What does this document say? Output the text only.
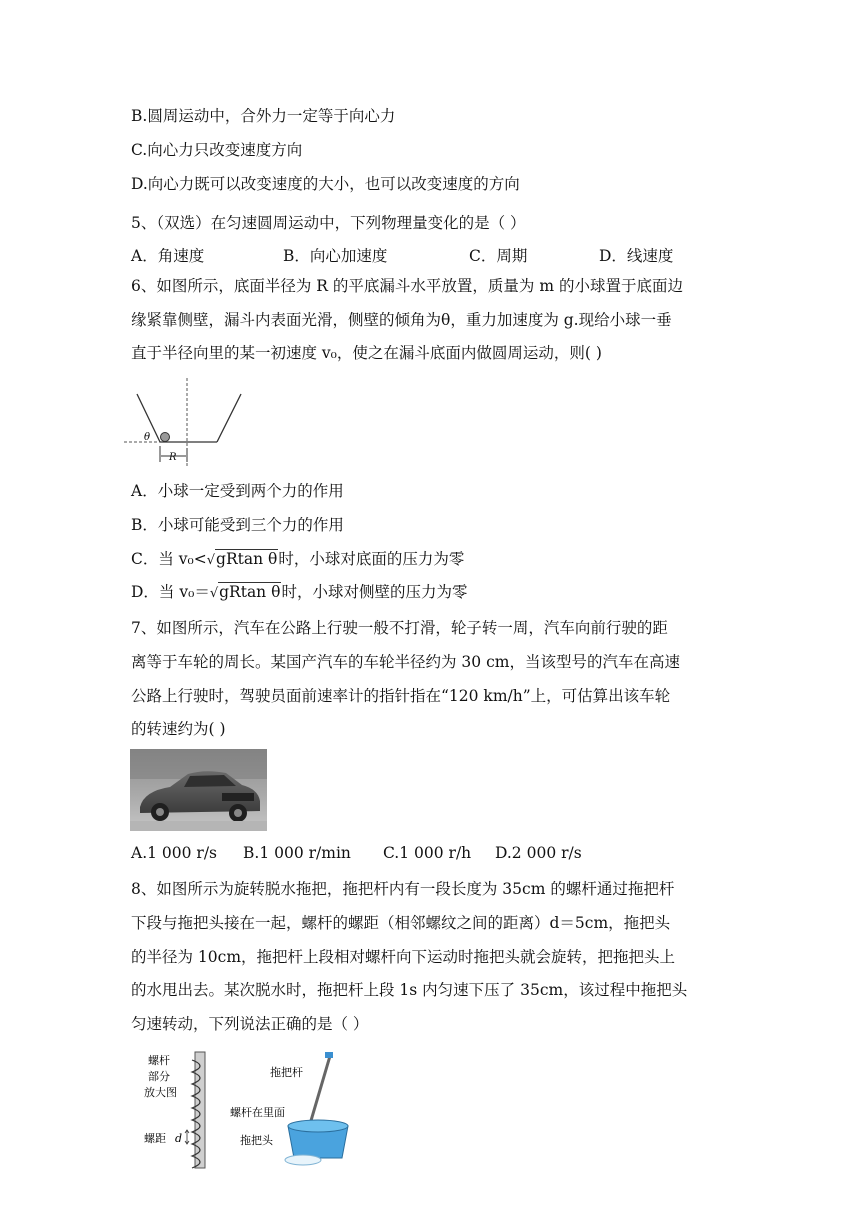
B.圆周运动中，合外力一定等于向心力
C.向心力只改变速度方向
D.向心力既可以改变速度的大小，也可以改变速度的方向
5、（双选）在匀速圆周运动中，下列物理量变化的是（ ）
A．角速度	B．向心加速度	C．周期	D．线速度
6、如图所示，底面半径为 R 的平底漏斗水平放置，质量为 m 的小球置于底面边
缘紧靠侧壁，漏斗内表面光滑，侧壁的倾角为θ，重力加速度为 g.现给小球一垂
直于半径向里的某一初速度 v₀，使之在漏斗底面内做圆周运动，则( )
θ
R
A．小球一定受到两个力的作用
B．小球可能受到三个力的作用
C．当 v₀<√gRtan θ时，小球对底面的压力为零
D．当 v₀＝√gRtan θ时，小球对侧壁的压力为零
7、如图所示，汽车在公路上行驶一般不打滑，轮子转一周，汽车向前行驶的距
离等于车轮的周长。某国产汽车的车轮半径约为 30 cm，当该型号的汽车在高速
公路上行驶时，驾驶员面前速率计的指针指在“120 km/h”上，可估算出该车轮
的转速约为( )
A.1 000 r/s	B.1 000 r/min	C.1 000 r/h	D.2 000 r/s
8、如图所示为旋转脱水拖把，拖把杆内有一段长度为 35cm 的螺杆通过拖把杆
下段与拖把头接在一起，螺杆的螺距（相邻螺纹之间的距离）d＝5cm，拖把头
的半径为 10cm，拖把杆上段相对螺杆向下运动时拖把头就会旋转，把拖把头上
的水甩出去。某次脱水时，拖把杆上段 1s 内匀速下压了 35cm，该过程中拖把头
匀速转动，下列说法正确的是（ ）
螺杆
部分
放大图
螺距 d
拖把杆
螺杆在里面
拖把头
